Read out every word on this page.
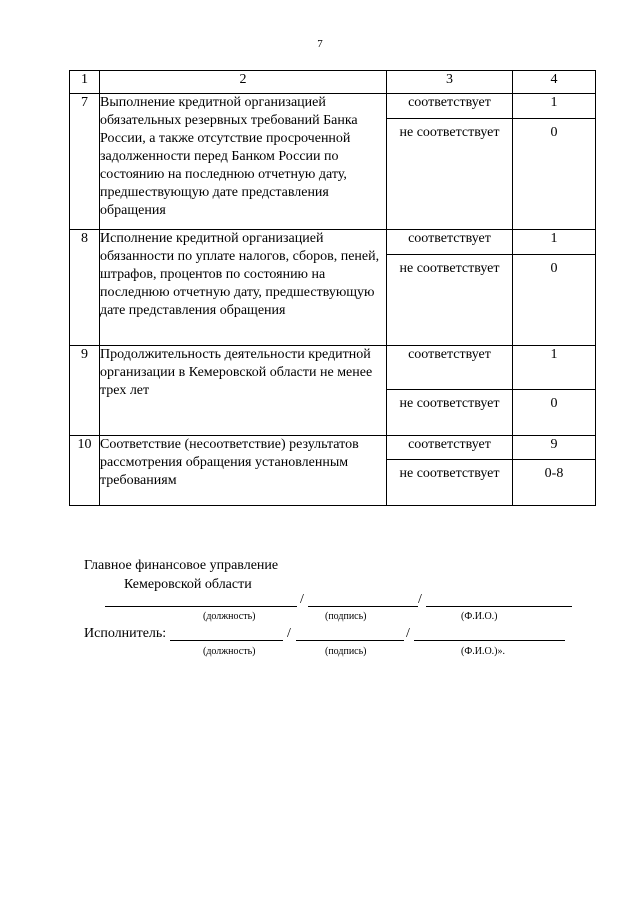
7
1	2	3	4
7	Выполнение кредитной организацией обязательных резервных требований Банка России, а также отсутствие просроченной задолженности перед Банком России по состоянию на последнюю отчетную дату, предшествующую дате представления обращения	соответствует	1
		не соответствует	0
8	Исполнение кредитной организацией обязанности по уплате налогов, сборов, пеней, штрафов, процентов по состоянию на последнюю отчетную дату, предшествующую дате представления обращения	соответствует	1
		не соответствует	0
9	Продолжительность деятельности кредитной организации в Кемеровской области не менее трех лет	соответствует	1
		не соответствует	0
10	Соответствие (несоответствие) результатов рассмотрения обращения установленным требованиям	соответствует	9
		не соответствует	0-8
Главное финансовое управление
Кемеровской области
/	/
(должность)	(подпись)	(Ф.И.О.)
Исполнитель:	/	/
(должность)	(подпись)	(Ф.И.О.)».
